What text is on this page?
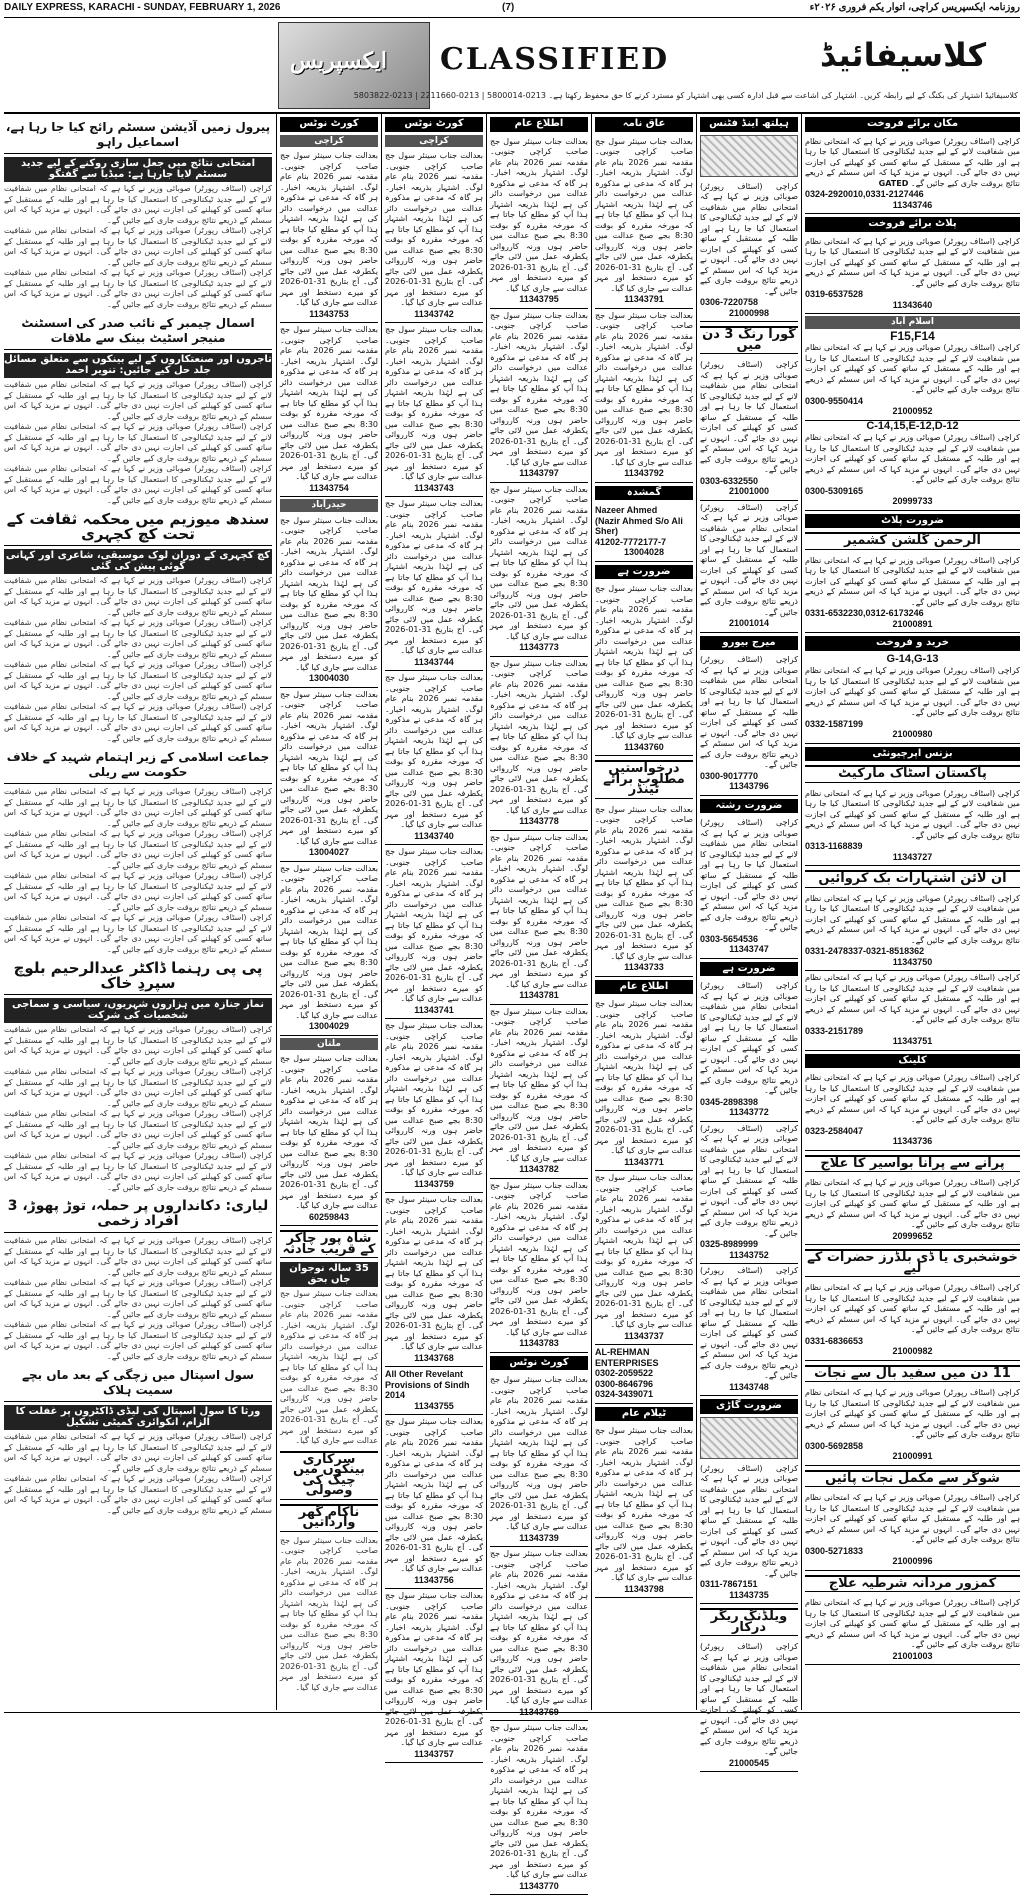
DAILY EXPRESS, KARACHI - SUNDAY, FEBRUARY 1, 2026	(7)	روزنامہ ایکسپریس کراچی، اتوار یکم فروری ۲۰۲۶ء
ایکسپریس CLASSIFIED	کلاسیفائیڈ
کلاسیفائیڈ اشتہار کی بکنگ کے لیے رابطہ کریں۔ اشتہار کی اشاعت سے قبل ادارہ کسی بھی اشتہار کو مسترد کرنے کا حق محفوظ رکھتا ہے۔ 0213-5800014 | 0213-2211660 | 0213-5803822
پیرول زمیں آڈیشن سسٹم رائج کیا جا رہا ہے، اسماعیل راہو
امتحانی نتائج میں جعل سازی روکنے کے لیے جدید سسٹم لایا جارہا ہے: میڈیا سے گفتگو
کراچی (اسٹاف رپورٹر) صوبائی وزیر نے کہا ہے کہ امتحانی نظام میں شفافیت لانے کے لیے جدید ٹیکنالوجی کا استعمال کیا جا رہا ہے اور طلبہ کے مستقبل کے ساتھ کسی کو کھیلنے کی اجازت نہیں دی جائے گی۔ انہوں نے مزید کہا کہ اس سسٹم کے ذریعے نتائج بروقت جاری کیے جائیں گے۔
کراچی (اسٹاف رپورٹر) صوبائی وزیر نے کہا ہے کہ امتحانی نظام میں شفافیت لانے کے لیے جدید ٹیکنالوجی کا استعمال کیا جا رہا ہے اور طلبہ کے مستقبل کے ساتھ کسی کو کھیلنے کی اجازت نہیں دی جائے گی۔ انہوں نے مزید کہا کہ اس سسٹم کے ذریعے نتائج بروقت جاری کیے جائیں گے۔
کراچی (اسٹاف رپورٹر) صوبائی وزیر نے کہا ہے کہ امتحانی نظام میں شفافیت لانے کے لیے جدید ٹیکنالوجی کا استعمال کیا جا رہا ہے اور طلبہ کے مستقبل کے ساتھ کسی کو کھیلنے کی اجازت نہیں دی جائے گی۔ انہوں نے مزید کہا کہ اس سسٹم کے ذریعے نتائج بروقت جاری کیے جائیں گے۔
اسمال چیمبر کے نائب صدر کی اسسٹنٹ منیجر اسٹیٹ بینک سے ملاقات
تاجروں اور صنعتکاروں کے لیے بینکوں سے متعلق مسائل جلد حل کیے جائیں: تنویر احمد
کراچی (اسٹاف رپورٹر) صوبائی وزیر نے کہا ہے کہ امتحانی نظام میں شفافیت لانے کے لیے جدید ٹیکنالوجی کا استعمال کیا جا رہا ہے اور طلبہ کے مستقبل کے ساتھ کسی کو کھیلنے کی اجازت نہیں دی جائے گی۔ انہوں نے مزید کہا کہ اس سسٹم کے ذریعے نتائج بروقت جاری کیے جائیں گے۔
کراچی (اسٹاف رپورٹر) صوبائی وزیر نے کہا ہے کہ امتحانی نظام میں شفافیت لانے کے لیے جدید ٹیکنالوجی کا استعمال کیا جا رہا ہے اور طلبہ کے مستقبل کے ساتھ کسی کو کھیلنے کی اجازت نہیں دی جائے گی۔ انہوں نے مزید کہا کہ اس سسٹم کے ذریعے نتائج بروقت جاری کیے جائیں گے۔
کراچی (اسٹاف رپورٹر) صوبائی وزیر نے کہا ہے کہ امتحانی نظام میں شفافیت لانے کے لیے جدید ٹیکنالوجی کا استعمال کیا جا رہا ہے اور طلبہ کے مستقبل کے ساتھ کسی کو کھیلنے کی اجازت نہیں دی جائے گی۔ انہوں نے مزید کہا کہ اس سسٹم کے ذریعے نتائج بروقت جاری کیے جائیں گے۔
سندھ میوزیم میں محکمہ ثقافت کے تحت کچ کچہری
کچ کچہری کے دوران لوک موسیقی، شاعری اور کہانی گوئی پیش کی گئی
کراچی (اسٹاف رپورٹر) صوبائی وزیر نے کہا ہے کہ امتحانی نظام میں شفافیت لانے کے لیے جدید ٹیکنالوجی کا استعمال کیا جا رہا ہے اور طلبہ کے مستقبل کے ساتھ کسی کو کھیلنے کی اجازت نہیں دی جائے گی۔ انہوں نے مزید کہا کہ اس سسٹم کے ذریعے نتائج بروقت جاری کیے جائیں گے۔
کراچی (اسٹاف رپورٹر) صوبائی وزیر نے کہا ہے کہ امتحانی نظام میں شفافیت لانے کے لیے جدید ٹیکنالوجی کا استعمال کیا جا رہا ہے اور طلبہ کے مستقبل کے ساتھ کسی کو کھیلنے کی اجازت نہیں دی جائے گی۔ انہوں نے مزید کہا کہ اس سسٹم کے ذریعے نتائج بروقت جاری کیے جائیں گے۔
کراچی (اسٹاف رپورٹر) صوبائی وزیر نے کہا ہے کہ امتحانی نظام میں شفافیت لانے کے لیے جدید ٹیکنالوجی کا استعمال کیا جا رہا ہے اور طلبہ کے مستقبل کے ساتھ کسی کو کھیلنے کی اجازت نہیں دی جائے گی۔ انہوں نے مزید کہا کہ اس سسٹم کے ذریعے نتائج بروقت جاری کیے جائیں گے۔
کراچی (اسٹاف رپورٹر) صوبائی وزیر نے کہا ہے کہ امتحانی نظام میں شفافیت لانے کے لیے جدید ٹیکنالوجی کا استعمال کیا جا رہا ہے اور طلبہ کے مستقبل کے ساتھ کسی کو کھیلنے کی اجازت نہیں دی جائے گی۔ انہوں نے مزید کہا کہ اس سسٹم کے ذریعے نتائج بروقت جاری کیے جائیں گے۔
جماعت اسلامی کے زیر اہتمام شہید کے خلاف حکومت سے ریلی
کراچی (اسٹاف رپورٹر) صوبائی وزیر نے کہا ہے کہ امتحانی نظام میں شفافیت لانے کے لیے جدید ٹیکنالوجی کا استعمال کیا جا رہا ہے اور طلبہ کے مستقبل کے ساتھ کسی کو کھیلنے کی اجازت نہیں دی جائے گی۔ انہوں نے مزید کہا کہ اس سسٹم کے ذریعے نتائج بروقت جاری کیے جائیں گے۔
کراچی (اسٹاف رپورٹر) صوبائی وزیر نے کہا ہے کہ امتحانی نظام میں شفافیت لانے کے لیے جدید ٹیکنالوجی کا استعمال کیا جا رہا ہے اور طلبہ کے مستقبل کے ساتھ کسی کو کھیلنے کی اجازت نہیں دی جائے گی۔ انہوں نے مزید کہا کہ اس سسٹم کے ذریعے نتائج بروقت جاری کیے جائیں گے۔
کراچی (اسٹاف رپورٹر) صوبائی وزیر نے کہا ہے کہ امتحانی نظام میں شفافیت لانے کے لیے جدید ٹیکنالوجی کا استعمال کیا جا رہا ہے اور طلبہ کے مستقبل کے ساتھ کسی کو کھیلنے کی اجازت نہیں دی جائے گی۔ انہوں نے مزید کہا کہ اس سسٹم کے ذریعے نتائج بروقت جاری کیے جائیں گے۔
کراچی (اسٹاف رپورٹر) صوبائی وزیر نے کہا ہے کہ امتحانی نظام میں شفافیت لانے کے لیے جدید ٹیکنالوجی کا استعمال کیا جا رہا ہے اور طلبہ کے مستقبل کے ساتھ کسی کو کھیلنے کی اجازت نہیں دی جائے گی۔ انہوں نے مزید کہا کہ اس سسٹم کے ذریعے نتائج بروقت جاری کیے جائیں گے۔
پی پی رہنما ڈاکٹر عبدالرحیم بلوچ سپردِ خاک
نماز جنازہ میں ہزاروں شہریوں، سیاسی و سماجی شخصیات کی شرکت
کراچی (اسٹاف رپورٹر) صوبائی وزیر نے کہا ہے کہ امتحانی نظام میں شفافیت لانے کے لیے جدید ٹیکنالوجی کا استعمال کیا جا رہا ہے اور طلبہ کے مستقبل کے ساتھ کسی کو کھیلنے کی اجازت نہیں دی جائے گی۔ انہوں نے مزید کہا کہ اس سسٹم کے ذریعے نتائج بروقت جاری کیے جائیں گے۔
کراچی (اسٹاف رپورٹر) صوبائی وزیر نے کہا ہے کہ امتحانی نظام میں شفافیت لانے کے لیے جدید ٹیکنالوجی کا استعمال کیا جا رہا ہے اور طلبہ کے مستقبل کے ساتھ کسی کو کھیلنے کی اجازت نہیں دی جائے گی۔ انہوں نے مزید کہا کہ اس سسٹم کے ذریعے نتائج بروقت جاری کیے جائیں گے۔
کراچی (اسٹاف رپورٹر) صوبائی وزیر نے کہا ہے کہ امتحانی نظام میں شفافیت لانے کے لیے جدید ٹیکنالوجی کا استعمال کیا جا رہا ہے اور طلبہ کے مستقبل کے ساتھ کسی کو کھیلنے کی اجازت نہیں دی جائے گی۔ انہوں نے مزید کہا کہ اس سسٹم کے ذریعے نتائج بروقت جاری کیے جائیں گے۔
کراچی (اسٹاف رپورٹر) صوبائی وزیر نے کہا ہے کہ امتحانی نظام میں شفافیت لانے کے لیے جدید ٹیکنالوجی کا استعمال کیا جا رہا ہے اور طلبہ کے مستقبل کے ساتھ کسی کو کھیلنے کی اجازت نہیں دی جائے گی۔ انہوں نے مزید کہا کہ اس سسٹم کے ذریعے نتائج بروقت جاری کیے جائیں گے۔
لیاری: دکانداروں پر حملہ، توڑ پھوڑ، 3 افراد زخمی
کراچی (اسٹاف رپورٹر) صوبائی وزیر نے کہا ہے کہ امتحانی نظام میں شفافیت لانے کے لیے جدید ٹیکنالوجی کا استعمال کیا جا رہا ہے اور طلبہ کے مستقبل کے ساتھ کسی کو کھیلنے کی اجازت نہیں دی جائے گی۔ انہوں نے مزید کہا کہ اس سسٹم کے ذریعے نتائج بروقت جاری کیے جائیں گے۔
کراچی (اسٹاف رپورٹر) صوبائی وزیر نے کہا ہے کہ امتحانی نظام میں شفافیت لانے کے لیے جدید ٹیکنالوجی کا استعمال کیا جا رہا ہے اور طلبہ کے مستقبل کے ساتھ کسی کو کھیلنے کی اجازت نہیں دی جائے گی۔ انہوں نے مزید کہا کہ اس سسٹم کے ذریعے نتائج بروقت جاری کیے جائیں گے۔
کراچی (اسٹاف رپورٹر) صوبائی وزیر نے کہا ہے کہ امتحانی نظام میں شفافیت لانے کے لیے جدید ٹیکنالوجی کا استعمال کیا جا رہا ہے اور طلبہ کے مستقبل کے ساتھ کسی کو کھیلنے کی اجازت نہیں دی جائے گی۔ انہوں نے مزید کہا کہ اس سسٹم کے ذریعے نتائج بروقت جاری کیے جائیں گے۔
سول اسپتال میں زچگی کے بعد ماں بچے سمیت ہلاک
ورثا کا سول اسپتال کی لیڈی ڈاکٹروں پر غفلت کا الزام، انکوائری کمیٹی تشکیل
کراچی (اسٹاف رپورٹر) صوبائی وزیر نے کہا ہے کہ امتحانی نظام میں شفافیت لانے کے لیے جدید ٹیکنالوجی کا استعمال کیا جا رہا ہے اور طلبہ کے مستقبل کے ساتھ کسی کو کھیلنے کی اجازت نہیں دی جائے گی۔ انہوں نے مزید کہا کہ اس سسٹم کے ذریعے نتائج بروقت جاری کیے جائیں گے۔
کراچی (اسٹاف رپورٹر) صوبائی وزیر نے کہا ہے کہ امتحانی نظام میں شفافیت لانے کے لیے جدید ٹیکنالوجی کا استعمال کیا جا رہا ہے اور طلبہ کے مستقبل کے ساتھ کسی کو کھیلنے کی اجازت نہیں دی جائے گی۔ انہوں نے مزید کہا کہ اس سسٹم کے ذریعے نتائج بروقت جاری کیے جائیں گے۔
کورٹ نوٹس
کراچی
بعدالت جناب سینئر سول جج صاحب کراچی جنوبی۔ مقدمہ نمبر 2026 بنام عام لوگ۔ اشتہار بذریعہ اخبار۔ ہر گاہ کہ مدعی نے مذکورہ عدالت میں درخواست دائر کی ہے لہٰذا بذریعہ اشتہار ہذا آپ کو مطلع کیا جاتا ہے کہ مورخہ مقررہ کو بوقت 8:30 بجے صبح عدالت میں حاضر ہوں ورنہ کارروائی یکطرفہ عمل میں لائی جائے گی۔ آج بتاریخ 31-01-2026 کو میرے دستخط اور مہر عدالت سے جاری کیا گیا۔
11343753
بعدالت جناب سینئر سول جج صاحب کراچی جنوبی۔ مقدمہ نمبر 2026 بنام عام لوگ۔ اشتہار بذریعہ اخبار۔ ہر گاہ کہ مدعی نے مذکورہ عدالت میں درخواست دائر کی ہے لہٰذا بذریعہ اشتہار ہذا آپ کو مطلع کیا جاتا ہے کہ مورخہ مقررہ کو بوقت 8:30 بجے صبح عدالت میں حاضر ہوں ورنہ کارروائی یکطرفہ عمل میں لائی جائے گی۔ آج بتاریخ 31-01-2026 کو میرے دستخط اور مہر عدالت سے جاری کیا گیا۔
11343754
حیدرآباد
بعدالت جناب سینئر سول جج صاحب کراچی جنوبی۔ مقدمہ نمبر 2026 بنام عام لوگ۔ اشتہار بذریعہ اخبار۔ ہر گاہ کہ مدعی نے مذکورہ عدالت میں درخواست دائر کی ہے لہٰذا بذریعہ اشتہار ہذا آپ کو مطلع کیا جاتا ہے کہ مورخہ مقررہ کو بوقت 8:30 بجے صبح عدالت میں حاضر ہوں ورنہ کارروائی یکطرفہ عمل میں لائی جائے گی۔ آج بتاریخ 31-01-2026 کو میرے دستخط اور مہر عدالت سے جاری کیا گیا۔
13004030
بعدالت جناب سینئر سول جج صاحب کراچی جنوبی۔ مقدمہ نمبر 2026 بنام عام لوگ۔ اشتہار بذریعہ اخبار۔ ہر گاہ کہ مدعی نے مذکورہ عدالت میں درخواست دائر کی ہے لہٰذا بذریعہ اشتہار ہذا آپ کو مطلع کیا جاتا ہے کہ مورخہ مقررہ کو بوقت 8:30 بجے صبح عدالت میں حاضر ہوں ورنہ کارروائی یکطرفہ عمل میں لائی جائے گی۔ آج بتاریخ 31-01-2026 کو میرے دستخط اور مہر عدالت سے جاری کیا گیا۔
13004027
بعدالت جناب سینئر سول جج صاحب کراچی جنوبی۔ مقدمہ نمبر 2026 بنام عام لوگ۔ اشتہار بذریعہ اخبار۔ ہر گاہ کہ مدعی نے مذکورہ عدالت میں درخواست دائر کی ہے لہٰذا بذریعہ اشتہار ہذا آپ کو مطلع کیا جاتا ہے کہ مورخہ مقررہ کو بوقت 8:30 بجے صبح عدالت میں حاضر ہوں ورنہ کارروائی یکطرفہ عمل میں لائی جائے گی۔ آج بتاریخ 31-01-2026 کو میرے دستخط اور مہر عدالت سے جاری کیا گیا۔
13004029
ملتان
بعدالت جناب سینئر سول جج صاحب کراچی جنوبی۔ مقدمہ نمبر 2026 بنام عام لوگ۔ اشتہار بذریعہ اخبار۔ ہر گاہ کہ مدعی نے مذکورہ عدالت میں درخواست دائر کی ہے لہٰذا بذریعہ اشتہار ہذا آپ کو مطلع کیا جاتا ہے کہ مورخہ مقررہ کو بوقت 8:30 بجے صبح عدالت میں حاضر ہوں ورنہ کارروائی یکطرفہ عمل میں لائی جائے گی۔ آج بتاریخ 31-01-2026 کو میرے دستخط اور مہر عدالت سے جاری کیا گیا۔
60259843
شاہ پور چاکر کے قریب حادثہ
35 سالہ نوجوان جاں بحق
بعدالت جناب سینئر سول جج صاحب کراچی جنوبی۔ مقدمہ نمبر 2026 بنام عام لوگ۔ اشتہار بذریعہ اخبار۔ ہر گاہ کہ مدعی نے مذکورہ عدالت میں درخواست دائر کی ہے لہٰذا بذریعہ اشتہار ہذا آپ کو مطلع کیا جاتا ہے کہ مورخہ مقررہ کو بوقت 8:30 بجے صبح عدالت میں حاضر ہوں ورنہ کارروائی یکطرفہ عمل میں لائی جائے گی۔ آج بتاریخ 31-01-2026 کو میرے دستخط اور مہر عدالت سے جاری کیا گیا۔
سرکاری بینکوں میں چیک کی وصولی
ناکام گھر وارداتیں
بعدالت جناب سینئر سول جج صاحب کراچی جنوبی۔ مقدمہ نمبر 2026 بنام عام لوگ۔ اشتہار بذریعہ اخبار۔ ہر گاہ کہ مدعی نے مذکورہ عدالت میں درخواست دائر کی ہے لہٰذا بذریعہ اشتہار ہذا آپ کو مطلع کیا جاتا ہے کہ مورخہ مقررہ کو بوقت 8:30 بجے صبح عدالت میں حاضر ہوں ورنہ کارروائی یکطرفہ عمل میں لائی جائے گی۔ آج بتاریخ 31-01-2026 کو میرے دستخط اور مہر عدالت سے جاری کیا گیا۔
کورٹ نوٹس
کراچی
بعدالت جناب سینئر سول جج صاحب کراچی جنوبی۔ مقدمہ نمبر 2026 بنام عام لوگ۔ اشتہار بذریعہ اخبار۔ ہر گاہ کہ مدعی نے مذکورہ عدالت میں درخواست دائر کی ہے لہٰذا بذریعہ اشتہار ہذا آپ کو مطلع کیا جاتا ہے کہ مورخہ مقررہ کو بوقت 8:30 بجے صبح عدالت میں حاضر ہوں ورنہ کارروائی یکطرفہ عمل میں لائی جائے گی۔ آج بتاریخ 31-01-2026 کو میرے دستخط اور مہر عدالت سے جاری کیا گیا۔
11343742
بعدالت جناب سینئر سول جج صاحب کراچی جنوبی۔ مقدمہ نمبر 2026 بنام عام لوگ۔ اشتہار بذریعہ اخبار۔ ہر گاہ کہ مدعی نے مذکورہ عدالت میں درخواست دائر کی ہے لہٰذا بذریعہ اشتہار ہذا آپ کو مطلع کیا جاتا ہے کہ مورخہ مقررہ کو بوقت 8:30 بجے صبح عدالت میں حاضر ہوں ورنہ کارروائی یکطرفہ عمل میں لائی جائے گی۔ آج بتاریخ 31-01-2026 کو میرے دستخط اور مہر عدالت سے جاری کیا گیا۔
11343743
بعدالت جناب سینئر سول جج صاحب کراچی جنوبی۔ مقدمہ نمبر 2026 بنام عام لوگ۔ اشتہار بذریعہ اخبار۔ ہر گاہ کہ مدعی نے مذکورہ عدالت میں درخواست دائر کی ہے لہٰذا بذریعہ اشتہار ہذا آپ کو مطلع کیا جاتا ہے کہ مورخہ مقررہ کو بوقت 8:30 بجے صبح عدالت میں حاضر ہوں ورنہ کارروائی یکطرفہ عمل میں لائی جائے گی۔ آج بتاریخ 31-01-2026 کو میرے دستخط اور مہر عدالت سے جاری کیا گیا۔
11343744
بعدالت جناب سینئر سول جج صاحب کراچی جنوبی۔ مقدمہ نمبر 2026 بنام عام لوگ۔ اشتہار بذریعہ اخبار۔ ہر گاہ کہ مدعی نے مذکورہ عدالت میں درخواست دائر کی ہے لہٰذا بذریعہ اشتہار ہذا آپ کو مطلع کیا جاتا ہے کہ مورخہ مقررہ کو بوقت 8:30 بجے صبح عدالت میں حاضر ہوں ورنہ کارروائی یکطرفہ عمل میں لائی جائے گی۔ آج بتاریخ 31-01-2026 کو میرے دستخط اور مہر عدالت سے جاری کیا گیا۔
11343740
بعدالت جناب سینئر سول جج صاحب کراچی جنوبی۔ مقدمہ نمبر 2026 بنام عام لوگ۔ اشتہار بذریعہ اخبار۔ ہر گاہ کہ مدعی نے مذکورہ عدالت میں درخواست دائر کی ہے لہٰذا بذریعہ اشتہار ہذا آپ کو مطلع کیا جاتا ہے کہ مورخہ مقررہ کو بوقت 8:30 بجے صبح عدالت میں حاضر ہوں ورنہ کارروائی یکطرفہ عمل میں لائی جائے گی۔ آج بتاریخ 31-01-2026 کو میرے دستخط اور مہر عدالت سے جاری کیا گیا۔
11343741
بعدالت جناب سینئر سول جج صاحب کراچی جنوبی۔ مقدمہ نمبر 2026 بنام عام لوگ۔ اشتہار بذریعہ اخبار۔ ہر گاہ کہ مدعی نے مذکورہ عدالت میں درخواست دائر کی ہے لہٰذا بذریعہ اشتہار ہذا آپ کو مطلع کیا جاتا ہے کہ مورخہ مقررہ کو بوقت 8:30 بجے صبح عدالت میں حاضر ہوں ورنہ کارروائی یکطرفہ عمل میں لائی جائے گی۔ آج بتاریخ 31-01-2026 کو میرے دستخط اور مہر عدالت سے جاری کیا گیا۔
11343759
بعدالت جناب سینئر سول جج صاحب کراچی جنوبی۔ مقدمہ نمبر 2026 بنام عام لوگ۔ اشتہار بذریعہ اخبار۔ ہر گاہ کہ مدعی نے مذکورہ عدالت میں درخواست دائر کی ہے لہٰذا بذریعہ اشتہار ہذا آپ کو مطلع کیا جاتا ہے کہ مورخہ مقررہ کو بوقت 8:30 بجے صبح عدالت میں حاضر ہوں ورنہ کارروائی یکطرفہ عمل میں لائی جائے گی۔ آج بتاریخ 31-01-2026 کو میرے دستخط اور مہر عدالت سے جاری کیا گیا۔
11343768
All Other Revelant Provisions of Sindh 2014
11343755
بعدالت جناب سینئر سول جج صاحب کراچی جنوبی۔ مقدمہ نمبر 2026 بنام عام لوگ۔ اشتہار بذریعہ اخبار۔ ہر گاہ کہ مدعی نے مذکورہ عدالت میں درخواست دائر کی ہے لہٰذا بذریعہ اشتہار ہذا آپ کو مطلع کیا جاتا ہے کہ مورخہ مقررہ کو بوقت 8:30 بجے صبح عدالت میں حاضر ہوں ورنہ کارروائی یکطرفہ عمل میں لائی جائے گی۔ آج بتاریخ 31-01-2026 کو میرے دستخط اور مہر عدالت سے جاری کیا گیا۔
11343756
بعدالت جناب سینئر سول جج صاحب کراچی جنوبی۔ مقدمہ نمبر 2026 بنام عام لوگ۔ اشتہار بذریعہ اخبار۔ ہر گاہ کہ مدعی نے مذکورہ عدالت میں درخواست دائر کی ہے لہٰذا بذریعہ اشتہار ہذا آپ کو مطلع کیا جاتا ہے کہ مورخہ مقررہ کو بوقت 8:30 بجے صبح عدالت میں حاضر ہوں ورنہ کارروائی یکطرفہ عمل میں لائی جائے گی۔ آج بتاریخ 31-01-2026 کو میرے دستخط اور مہر عدالت سے جاری کیا گیا۔
11343757
اطلاع عام
بعدالت جناب سینئر سول جج صاحب کراچی جنوبی۔ مقدمہ نمبر 2026 بنام عام لوگ۔ اشتہار بذریعہ اخبار۔ ہر گاہ کہ مدعی نے مذکورہ عدالت میں درخواست دائر کی ہے لہٰذا بذریعہ اشتہار ہذا آپ کو مطلع کیا جاتا ہے کہ مورخہ مقررہ کو بوقت 8:30 بجے صبح عدالت میں حاضر ہوں ورنہ کارروائی یکطرفہ عمل میں لائی جائے گی۔ آج بتاریخ 31-01-2026 کو میرے دستخط اور مہر عدالت سے جاری کیا گیا۔
11343795
بعدالت جناب سینئر سول جج صاحب کراچی جنوبی۔ مقدمہ نمبر 2026 بنام عام لوگ۔ اشتہار بذریعہ اخبار۔ ہر گاہ کہ مدعی نے مذکورہ عدالت میں درخواست دائر کی ہے لہٰذا بذریعہ اشتہار ہذا آپ کو مطلع کیا جاتا ہے کہ مورخہ مقررہ کو بوقت 8:30 بجے صبح عدالت میں حاضر ہوں ورنہ کارروائی یکطرفہ عمل میں لائی جائے گی۔ آج بتاریخ 31-01-2026 کو میرے دستخط اور مہر عدالت سے جاری کیا گیا۔
11343797
بعدالت جناب سینئر سول جج صاحب کراچی جنوبی۔ مقدمہ نمبر 2026 بنام عام لوگ۔ اشتہار بذریعہ اخبار۔ ہر گاہ کہ مدعی نے مذکورہ عدالت میں درخواست دائر کی ہے لہٰذا بذریعہ اشتہار ہذا آپ کو مطلع کیا جاتا ہے کہ مورخہ مقررہ کو بوقت 8:30 بجے صبح عدالت میں حاضر ہوں ورنہ کارروائی یکطرفہ عمل میں لائی جائے گی۔ آج بتاریخ 31-01-2026 کو میرے دستخط اور مہر عدالت سے جاری کیا گیا۔
11343773
بعدالت جناب سینئر سول جج صاحب کراچی جنوبی۔ مقدمہ نمبر 2026 بنام عام لوگ۔ اشتہار بذریعہ اخبار۔ ہر گاہ کہ مدعی نے مذکورہ عدالت میں درخواست دائر کی ہے لہٰذا بذریعہ اشتہار ہذا آپ کو مطلع کیا جاتا ہے کہ مورخہ مقررہ کو بوقت 8:30 بجے صبح عدالت میں حاضر ہوں ورنہ کارروائی یکطرفہ عمل میں لائی جائے گی۔ آج بتاریخ 31-01-2026 کو میرے دستخط اور مہر عدالت سے جاری کیا گیا۔
11343778
بعدالت جناب سینئر سول جج صاحب کراچی جنوبی۔ مقدمہ نمبر 2026 بنام عام لوگ۔ اشتہار بذریعہ اخبار۔ ہر گاہ کہ مدعی نے مذکورہ عدالت میں درخواست دائر کی ہے لہٰذا بذریعہ اشتہار ہذا آپ کو مطلع کیا جاتا ہے کہ مورخہ مقررہ کو بوقت 8:30 بجے صبح عدالت میں حاضر ہوں ورنہ کارروائی یکطرفہ عمل میں لائی جائے گی۔ آج بتاریخ 31-01-2026 کو میرے دستخط اور مہر عدالت سے جاری کیا گیا۔
11343781
بعدالت جناب سینئر سول جج صاحب کراچی جنوبی۔ مقدمہ نمبر 2026 بنام عام لوگ۔ اشتہار بذریعہ اخبار۔ ہر گاہ کہ مدعی نے مذکورہ عدالت میں درخواست دائر کی ہے لہٰذا بذریعہ اشتہار ہذا آپ کو مطلع کیا جاتا ہے کہ مورخہ مقررہ کو بوقت 8:30 بجے صبح عدالت میں حاضر ہوں ورنہ کارروائی یکطرفہ عمل میں لائی جائے گی۔ آج بتاریخ 31-01-2026 کو میرے دستخط اور مہر عدالت سے جاری کیا گیا۔
11343782
بعدالت جناب سینئر سول جج صاحب کراچی جنوبی۔ مقدمہ نمبر 2026 بنام عام لوگ۔ اشتہار بذریعہ اخبار۔ ہر گاہ کہ مدعی نے مذکورہ عدالت میں درخواست دائر کی ہے لہٰذا بذریعہ اشتہار ہذا آپ کو مطلع کیا جاتا ہے کہ مورخہ مقررہ کو بوقت 8:30 بجے صبح عدالت میں حاضر ہوں ورنہ کارروائی یکطرفہ عمل میں لائی جائے گی۔ آج بتاریخ 31-01-2026 کو میرے دستخط اور مہر عدالت سے جاری کیا گیا۔
11343783
کورٹ نوٹس
بعدالت جناب سینئر سول جج صاحب کراچی جنوبی۔ مقدمہ نمبر 2026 بنام عام لوگ۔ اشتہار بذریعہ اخبار۔ ہر گاہ کہ مدعی نے مذکورہ عدالت میں درخواست دائر کی ہے لہٰذا بذریعہ اشتہار ہذا آپ کو مطلع کیا جاتا ہے کہ مورخہ مقررہ کو بوقت 8:30 بجے صبح عدالت میں حاضر ہوں ورنہ کارروائی یکطرفہ عمل میں لائی جائے گی۔ آج بتاریخ 31-01-2026 کو میرے دستخط اور مہر عدالت سے جاری کیا گیا۔
11343739
بعدالت جناب سینئر سول جج صاحب کراچی جنوبی۔ مقدمہ نمبر 2026 بنام عام لوگ۔ اشتہار بذریعہ اخبار۔ ہر گاہ کہ مدعی نے مذکورہ عدالت میں درخواست دائر کی ہے لہٰذا بذریعہ اشتہار ہذا آپ کو مطلع کیا جاتا ہے کہ مورخہ مقررہ کو بوقت 8:30 بجے صبح عدالت میں حاضر ہوں ورنہ کارروائی یکطرفہ عمل میں لائی جائے گی۔ آج بتاریخ 31-01-2026 کو میرے دستخط اور مہر عدالت سے جاری کیا گیا۔
11343769
بعدالت جناب سینئر سول جج صاحب کراچی جنوبی۔ مقدمہ نمبر 2026 بنام عام لوگ۔ اشتہار بذریعہ اخبار۔ ہر گاہ کہ مدعی نے مذکورہ عدالت میں درخواست دائر کی ہے لہٰذا بذریعہ اشتہار ہذا آپ کو مطلع کیا جاتا ہے کہ مورخہ مقررہ کو بوقت 8:30 بجے صبح عدالت میں حاضر ہوں ورنہ کارروائی یکطرفہ عمل میں لائی جائے گی۔ آج بتاریخ 31-01-2026 کو میرے دستخط اور مہر عدالت سے جاری کیا گیا۔
11343770
عاق نامہ
بعدالت جناب سینئر سول جج صاحب کراچی جنوبی۔ مقدمہ نمبر 2026 بنام عام لوگ۔ اشتہار بذریعہ اخبار۔ ہر گاہ کہ مدعی نے مذکورہ عدالت میں درخواست دائر کی ہے لہٰذا بذریعہ اشتہار ہذا آپ کو مطلع کیا جاتا ہے کہ مورخہ مقررہ کو بوقت 8:30 بجے صبح عدالت میں حاضر ہوں ورنہ کارروائی یکطرفہ عمل میں لائی جائے گی۔ آج بتاریخ 31-01-2026 کو میرے دستخط اور مہر عدالت سے جاری کیا گیا۔
11343791
بعدالت جناب سینئر سول جج صاحب کراچی جنوبی۔ مقدمہ نمبر 2026 بنام عام لوگ۔ اشتہار بذریعہ اخبار۔ ہر گاہ کہ مدعی نے مذکورہ عدالت میں درخواست دائر کی ہے لہٰذا بذریعہ اشتہار ہذا آپ کو مطلع کیا جاتا ہے کہ مورخہ مقررہ کو بوقت 8:30 بجے صبح عدالت میں حاضر ہوں ورنہ کارروائی یکطرفہ عمل میں لائی جائے گی۔ آج بتاریخ 31-01-2026 کو میرے دستخط اور مہر عدالت سے جاری کیا گیا۔
11343792
گمشدہ
Nazeer Ahmed
(Nazir Ahmed S/o Ali Sher)
41202-7772177-7
13004028
ضرورت ہے
بعدالت جناب سینئر سول جج صاحب کراچی جنوبی۔ مقدمہ نمبر 2026 بنام عام لوگ۔ اشتہار بذریعہ اخبار۔ ہر گاہ کہ مدعی نے مذکورہ عدالت میں درخواست دائر کی ہے لہٰذا بذریعہ اشتہار ہذا آپ کو مطلع کیا جاتا ہے کہ مورخہ مقررہ کو بوقت 8:30 بجے صبح عدالت میں حاضر ہوں ورنہ کارروائی یکطرفہ عمل میں لائی جائے گی۔ آج بتاریخ 31-01-2026 کو میرے دستخط اور مہر عدالت سے جاری کیا گیا۔
11343760
درخواستیں مطلوب برائے ٹینڈر
بعدالت جناب سینئر سول جج صاحب کراچی جنوبی۔ مقدمہ نمبر 2026 بنام عام لوگ۔ اشتہار بذریعہ اخبار۔ ہر گاہ کہ مدعی نے مذکورہ عدالت میں درخواست دائر کی ہے لہٰذا بذریعہ اشتہار ہذا آپ کو مطلع کیا جاتا ہے کہ مورخہ مقررہ کو بوقت 8:30 بجے صبح عدالت میں حاضر ہوں ورنہ کارروائی یکطرفہ عمل میں لائی جائے گی۔ آج بتاریخ 31-01-2026 کو میرے دستخط اور مہر عدالت سے جاری کیا گیا۔
11343733
اطلاع عام
بعدالت جناب سینئر سول جج صاحب کراچی جنوبی۔ مقدمہ نمبر 2026 بنام عام لوگ۔ اشتہار بذریعہ اخبار۔ ہر گاہ کہ مدعی نے مذکورہ عدالت میں درخواست دائر کی ہے لہٰذا بذریعہ اشتہار ہذا آپ کو مطلع کیا جاتا ہے کہ مورخہ مقررہ کو بوقت 8:30 بجے صبح عدالت میں حاضر ہوں ورنہ کارروائی یکطرفہ عمل میں لائی جائے گی۔ آج بتاریخ 31-01-2026 کو میرے دستخط اور مہر عدالت سے جاری کیا گیا۔
11343771
بعدالت جناب سینئر سول جج صاحب کراچی جنوبی۔ مقدمہ نمبر 2026 بنام عام لوگ۔ اشتہار بذریعہ اخبار۔ ہر گاہ کہ مدعی نے مذکورہ عدالت میں درخواست دائر کی ہے لہٰذا بذریعہ اشتہار ہذا آپ کو مطلع کیا جاتا ہے کہ مورخہ مقررہ کو بوقت 8:30 بجے صبح عدالت میں حاضر ہوں ورنہ کارروائی یکطرفہ عمل میں لائی جائے گی۔ آج بتاریخ 31-01-2026 کو میرے دستخط اور مہر عدالت سے جاری کیا گیا۔
11343737
AL-REHMAN ENTERPRISES
0302-2059522
0300-8646796
0324-3439071
ٹیلام عام
بعدالت جناب سینئر سول جج صاحب کراچی جنوبی۔ مقدمہ نمبر 2026 بنام عام لوگ۔ اشتہار بذریعہ اخبار۔ ہر گاہ کہ مدعی نے مذکورہ عدالت میں درخواست دائر کی ہے لہٰذا بذریعہ اشتہار ہذا آپ کو مطلع کیا جاتا ہے کہ مورخہ مقررہ کو بوقت 8:30 بجے صبح عدالت میں حاضر ہوں ورنہ کارروائی یکطرفہ عمل میں لائی جائے گی۔ آج بتاریخ 31-01-2026 کو میرے دستخط اور مہر عدالت سے جاری کیا گیا۔
11343798
ہیلتھ اینڈ فٹنس
کراچی (اسٹاف رپورٹر) صوبائی وزیر نے کہا ہے کہ امتحانی نظام میں شفافیت لانے کے لیے جدید ٹیکنالوجی کا استعمال کیا جا رہا ہے اور طلبہ کے مستقبل کے ساتھ کسی کو کھیلنے کی اجازت نہیں دی جائے گی۔ انہوں نے مزید کہا کہ اس سسٹم کے ذریعے نتائج بروقت جاری کیے جائیں گے۔
0306-7220758
21000998
گورا رنگ 3 دن میں
کراچی (اسٹاف رپورٹر) صوبائی وزیر نے کہا ہے کہ امتحانی نظام میں شفافیت لانے کے لیے جدید ٹیکنالوجی کا استعمال کیا جا رہا ہے اور طلبہ کے مستقبل کے ساتھ کسی کو کھیلنے کی اجازت نہیں دی جائے گی۔ انہوں نے مزید کہا کہ اس سسٹم کے ذریعے نتائج بروقت جاری کیے جائیں گے۔
0303-6332550
21001000
کراچی (اسٹاف رپورٹر) صوبائی وزیر نے کہا ہے کہ امتحانی نظام میں شفافیت لانے کے لیے جدید ٹیکنالوجی کا استعمال کیا جا رہا ہے اور طلبہ کے مستقبل کے ساتھ کسی کو کھیلنے کی اجازت نہیں دی جائے گی۔ انہوں نے مزید کہا کہ اس سسٹم کے ذریعے نتائج بروقت جاری کیے جائیں گے۔
21001014
میرج بیورو
کراچی (اسٹاف رپورٹر) صوبائی وزیر نے کہا ہے کہ امتحانی نظام میں شفافیت لانے کے لیے جدید ٹیکنالوجی کا استعمال کیا جا رہا ہے اور طلبہ کے مستقبل کے ساتھ کسی کو کھیلنے کی اجازت نہیں دی جائے گی۔ انہوں نے مزید کہا کہ اس سسٹم کے ذریعے نتائج بروقت جاری کیے جائیں گے۔
0300-9017770
11343796
ضرورت رشتہ
کراچی (اسٹاف رپورٹر) صوبائی وزیر نے کہا ہے کہ امتحانی نظام میں شفافیت لانے کے لیے جدید ٹیکنالوجی کا استعمال کیا جا رہا ہے اور طلبہ کے مستقبل کے ساتھ کسی کو کھیلنے کی اجازت نہیں دی جائے گی۔ انہوں نے مزید کہا کہ اس سسٹم کے ذریعے نتائج بروقت جاری کیے جائیں گے۔
0303-5654536
11343747
ضرورت ہے
کراچی (اسٹاف رپورٹر) صوبائی وزیر نے کہا ہے کہ امتحانی نظام میں شفافیت لانے کے لیے جدید ٹیکنالوجی کا استعمال کیا جا رہا ہے اور طلبہ کے مستقبل کے ساتھ کسی کو کھیلنے کی اجازت نہیں دی جائے گی۔ انہوں نے مزید کہا کہ اس سسٹم کے ذریعے نتائج بروقت جاری کیے جائیں گے۔
0345-2898398
11343772
کراچی (اسٹاف رپورٹر) صوبائی وزیر نے کہا ہے کہ امتحانی نظام میں شفافیت لانے کے لیے جدید ٹیکنالوجی کا استعمال کیا جا رہا ہے اور طلبہ کے مستقبل کے ساتھ کسی کو کھیلنے کی اجازت نہیں دی جائے گی۔ انہوں نے مزید کہا کہ اس سسٹم کے ذریعے نتائج بروقت جاری کیے جائیں گے۔
0325-8989999
11343752
کراچی (اسٹاف رپورٹر) صوبائی وزیر نے کہا ہے کہ امتحانی نظام میں شفافیت لانے کے لیے جدید ٹیکنالوجی کا استعمال کیا جا رہا ہے اور طلبہ کے مستقبل کے ساتھ کسی کو کھیلنے کی اجازت نہیں دی جائے گی۔ انہوں نے مزید کہا کہ اس سسٹم کے ذریعے نتائج بروقت جاری کیے جائیں گے۔
11343748
ضرورت گاڑی
کراچی (اسٹاف رپورٹر) صوبائی وزیر نے کہا ہے کہ امتحانی نظام میں شفافیت لانے کے لیے جدید ٹیکنالوجی کا استعمال کیا جا رہا ہے اور طلبہ کے مستقبل کے ساتھ کسی کو کھیلنے کی اجازت نہیں دی جائے گی۔ انہوں نے مزید کہا کہ اس سسٹم کے ذریعے نتائج بروقت جاری کیے جائیں گے۔
0311-7867151
11343735
ویلڈنگ ریگر درکار
کراچی (اسٹاف رپورٹر) صوبائی وزیر نے کہا ہے کہ امتحانی نظام میں شفافیت لانے کے لیے جدید ٹیکنالوجی کا استعمال کیا جا رہا ہے اور طلبہ کے مستقبل کے ساتھ کسی کو کھیلنے کی اجازت نہیں دی جائے گی۔ انہوں نے مزید کہا کہ اس سسٹم کے ذریعے نتائج بروقت جاری کیے جائیں گے۔
21000545
مکان برائے فروخت
کراچی (اسٹاف رپورٹر) صوبائی وزیر نے کہا ہے کہ امتحانی نظام میں شفافیت لانے کے لیے جدید ٹیکنالوجی کا استعمال کیا جا رہا ہے اور طلبہ کے مستقبل کے ساتھ کسی کو کھیلنے کی اجازت نہیں دی جائے گی۔ انہوں نے مزید کہا کہ اس سسٹم کے ذریعے نتائج بروقت جاری کیے جائیں گے۔ GATED
0324-2920010,0331-2127446
11343746
پلاٹ برائے فروخت
کراچی (اسٹاف رپورٹر) صوبائی وزیر نے کہا ہے کہ امتحانی نظام میں شفافیت لانے کے لیے جدید ٹیکنالوجی کا استعمال کیا جا رہا ہے اور طلبہ کے مستقبل کے ساتھ کسی کو کھیلنے کی اجازت نہیں دی جائے گی۔ انہوں نے مزید کہا کہ اس سسٹم کے ذریعے نتائج بروقت جاری کیے جائیں گے۔
0319-6537528
11343640
اسلام آباد
F15,F14
کراچی (اسٹاف رپورٹر) صوبائی وزیر نے کہا ہے کہ امتحانی نظام میں شفافیت لانے کے لیے جدید ٹیکنالوجی کا استعمال کیا جا رہا ہے اور طلبہ کے مستقبل کے ساتھ کسی کو کھیلنے کی اجازت نہیں دی جائے گی۔ انہوں نے مزید کہا کہ اس سسٹم کے ذریعے نتائج بروقت جاری کیے جائیں گے۔
0300-9550414
21000952
C-14,15,E-12,D-12
کراچی (اسٹاف رپورٹر) صوبائی وزیر نے کہا ہے کہ امتحانی نظام میں شفافیت لانے کے لیے جدید ٹیکنالوجی کا استعمال کیا جا رہا ہے اور طلبہ کے مستقبل کے ساتھ کسی کو کھیلنے کی اجازت نہیں دی جائے گی۔ انہوں نے مزید کہا کہ اس سسٹم کے ذریعے نتائج بروقت جاری کیے جائیں گے۔
0300-5309165
20999733
ضرورت پلاٹ
الرحمن گلشن کشمیر
کراچی (اسٹاف رپورٹر) صوبائی وزیر نے کہا ہے کہ امتحانی نظام میں شفافیت لانے کے لیے جدید ٹیکنالوجی کا استعمال کیا جا رہا ہے اور طلبہ کے مستقبل کے ساتھ کسی کو کھیلنے کی اجازت نہیں دی جائے گی۔ انہوں نے مزید کہا کہ اس سسٹم کے ذریعے نتائج بروقت جاری کیے جائیں گے۔
0331-6532230,0312-6173246
21000891
خرید و فروخت
G-14,G-13
کراچی (اسٹاف رپورٹر) صوبائی وزیر نے کہا ہے کہ امتحانی نظام میں شفافیت لانے کے لیے جدید ٹیکنالوجی کا استعمال کیا جا رہا ہے اور طلبہ کے مستقبل کے ساتھ کسی کو کھیلنے کی اجازت نہیں دی جائے گی۔ انہوں نے مزید کہا کہ اس سسٹم کے ذریعے نتائج بروقت جاری کیے جائیں گے۔
0332-1587199
21000980
بزنس اپرچیونٹی
پاکستان اسٹاک مارکیٹ
کراچی (اسٹاف رپورٹر) صوبائی وزیر نے کہا ہے کہ امتحانی نظام میں شفافیت لانے کے لیے جدید ٹیکنالوجی کا استعمال کیا جا رہا ہے اور طلبہ کے مستقبل کے ساتھ کسی کو کھیلنے کی اجازت نہیں دی جائے گی۔ انہوں نے مزید کہا کہ اس سسٹم کے ذریعے نتائج بروقت جاری کیے جائیں گے۔
0313-1168839
11343727
آن لائن اشتہارات بک کروائیں
کراچی (اسٹاف رپورٹر) صوبائی وزیر نے کہا ہے کہ امتحانی نظام میں شفافیت لانے کے لیے جدید ٹیکنالوجی کا استعمال کیا جا رہا ہے اور طلبہ کے مستقبل کے ساتھ کسی کو کھیلنے کی اجازت نہیں دی جائے گی۔ انہوں نے مزید کہا کہ اس سسٹم کے ذریعے نتائج بروقت جاری کیے جائیں گے۔
0331-2478337-0321-8518362
11343750
کراچی (اسٹاف رپورٹر) صوبائی وزیر نے کہا ہے کہ امتحانی نظام میں شفافیت لانے کے لیے جدید ٹیکنالوجی کا استعمال کیا جا رہا ہے اور طلبہ کے مستقبل کے ساتھ کسی کو کھیلنے کی اجازت نہیں دی جائے گی۔ انہوں نے مزید کہا کہ اس سسٹم کے ذریعے نتائج بروقت جاری کیے جائیں گے۔
0333-2151789
11343751
کلینک
کراچی (اسٹاف رپورٹر) صوبائی وزیر نے کہا ہے کہ امتحانی نظام میں شفافیت لانے کے لیے جدید ٹیکنالوجی کا استعمال کیا جا رہا ہے اور طلبہ کے مستقبل کے ساتھ کسی کو کھیلنے کی اجازت نہیں دی جائے گی۔ انہوں نے مزید کہا کہ اس سسٹم کے ذریعے نتائج بروقت جاری کیے جائیں گے۔
0323-2584047
11343736
پرانے سے پرانا بواسیر کا علاج
کراچی (اسٹاف رپورٹر) صوبائی وزیر نے کہا ہے کہ امتحانی نظام میں شفافیت لانے کے لیے جدید ٹیکنالوجی کا استعمال کیا جا رہا ہے اور طلبہ کے مستقبل کے ساتھ کسی کو کھیلنے کی اجازت نہیں دی جائے گی۔ انہوں نے مزید کہا کہ اس سسٹم کے ذریعے نتائج بروقت جاری کیے جائیں گے۔
20999652
خوشخبری یا ڈی بلڈرز حضرات کے لیے
کراچی (اسٹاف رپورٹر) صوبائی وزیر نے کہا ہے کہ امتحانی نظام میں شفافیت لانے کے لیے جدید ٹیکنالوجی کا استعمال کیا جا رہا ہے اور طلبہ کے مستقبل کے ساتھ کسی کو کھیلنے کی اجازت نہیں دی جائے گی۔ انہوں نے مزید کہا کہ اس سسٹم کے ذریعے نتائج بروقت جاری کیے جائیں گے۔
0331-6836653
21000982
11 دن میں سفید بال سے نجات
کراچی (اسٹاف رپورٹر) صوبائی وزیر نے کہا ہے کہ امتحانی نظام میں شفافیت لانے کے لیے جدید ٹیکنالوجی کا استعمال کیا جا رہا ہے اور طلبہ کے مستقبل کے ساتھ کسی کو کھیلنے کی اجازت نہیں دی جائے گی۔ انہوں نے مزید کہا کہ اس سسٹم کے ذریعے نتائج بروقت جاری کیے جائیں گے۔
0300-5692858
21000991
شوگر سے مکمل نجات پائیں
کراچی (اسٹاف رپورٹر) صوبائی وزیر نے کہا ہے کہ امتحانی نظام میں شفافیت لانے کے لیے جدید ٹیکنالوجی کا استعمال کیا جا رہا ہے اور طلبہ کے مستقبل کے ساتھ کسی کو کھیلنے کی اجازت نہیں دی جائے گی۔ انہوں نے مزید کہا کہ اس سسٹم کے ذریعے نتائج بروقت جاری کیے جائیں گے۔
0300-5271833
21000996
کمزور مردانہ شرطیہ علاج
کراچی (اسٹاف رپورٹر) صوبائی وزیر نے کہا ہے کہ امتحانی نظام میں شفافیت لانے کے لیے جدید ٹیکنالوجی کا استعمال کیا جا رہا ہے اور طلبہ کے مستقبل کے ساتھ کسی کو کھیلنے کی اجازت نہیں دی جائے گی۔ انہوں نے مزید کہا کہ اس سسٹم کے ذریعے نتائج بروقت جاری کیے جائیں گے۔
21001003
